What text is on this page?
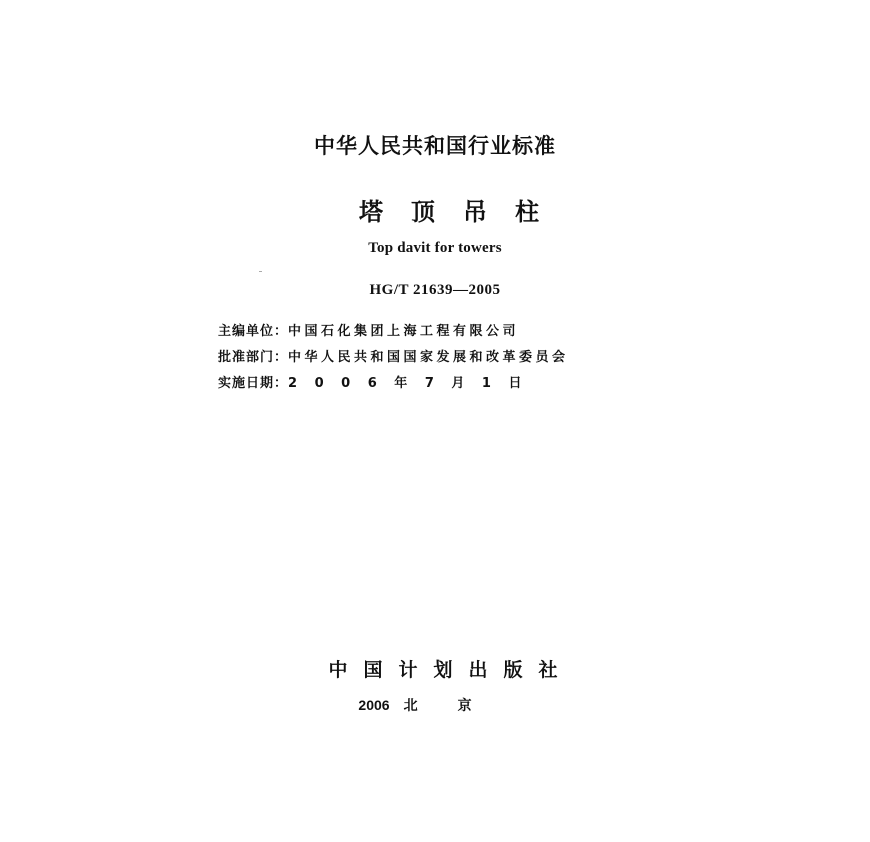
中华人民共和国行业标准
塔顶吊柱
Top davit for towers
HG/T 21639—2005
主编单位：中国石化集团上海工程有限公司
批准部门：中华人民共和国国家发展和改革委员会
实施日期：2 0 0 6 年 7 月 1 日
中国计划出版社
2006 北京
